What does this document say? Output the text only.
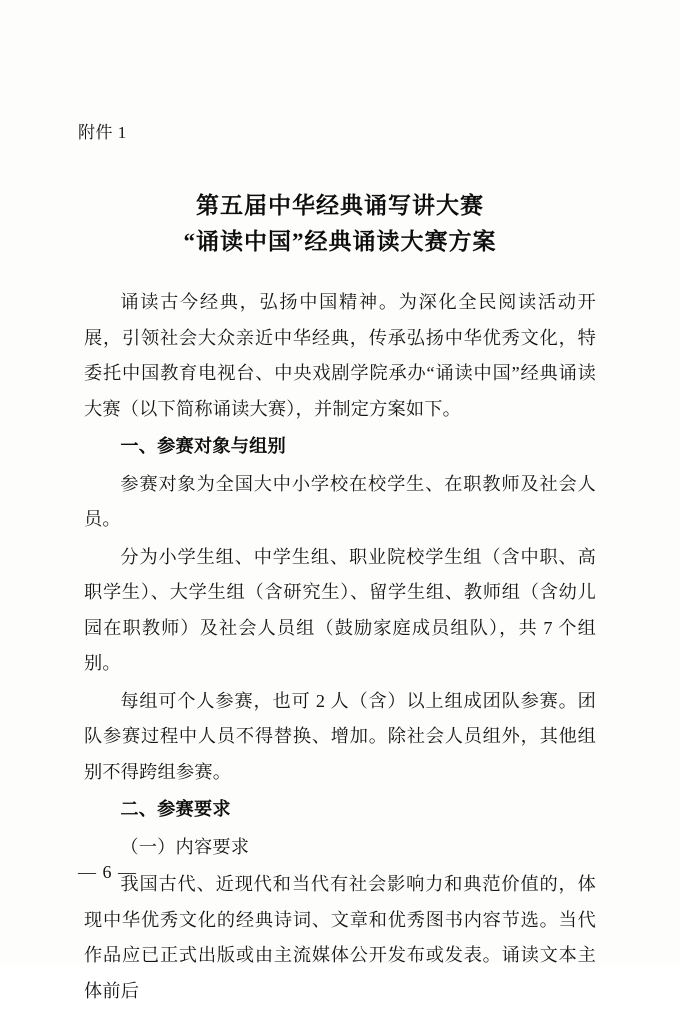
附件 1
第五届中华经典诵写讲大赛
“诵读中国”经典诵读大赛方案

诵读古今经典，弘扬中国精神。为深化全民阅读活动开展，引领社会大众亲近中华经典，传承弘扬中华优秀文化，特委托中国教育电视台、中央戏剧学院承办“诵读中国”经典诵读大赛（以下简称诵读大赛），并制定方案如下。

一、参赛对象与组别

参赛对象为全国大中小学校在校学生、在职教师及社会人员。

分为小学生组、中学生组、职业院校学生组（含中职、高职学生）、大学生组（含研究生）、留学生组、教师组（含幼儿园在职教师）及社会人员组（鼓励家庭成员组队），共 7 个组别。

每组可个人参赛，也可 2 人（含）以上组成团队参赛。团队参赛过程中人员不得替换、增加。除社会人员组外，其他组别不得跨组参赛。

二、参赛要求

（一）内容要求

我国古代、近现代和当代有社会影响力和典范价值的，体现中华优秀文化的经典诗词、文章和优秀图书内容节选。当代作品应已正式出版或由主流媒体公开发布或发表。诵读文本主体前后

— 6 —
